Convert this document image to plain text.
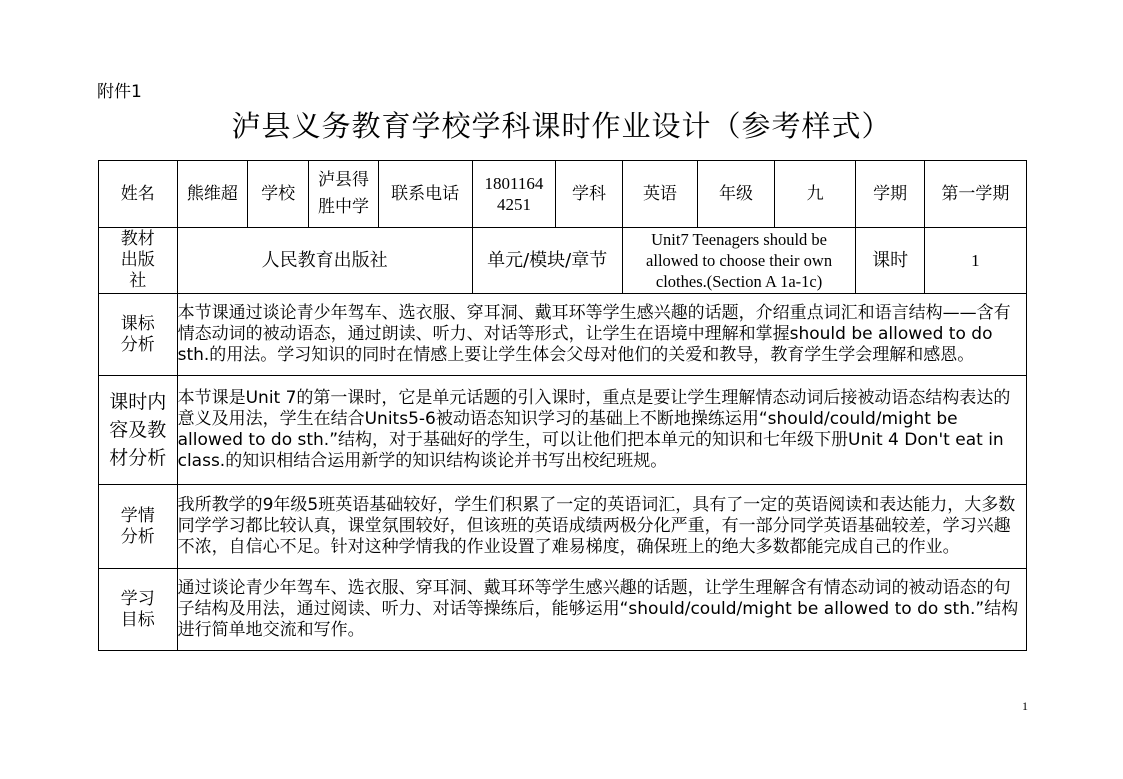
附件1
泸县义务教育学校学科课时作业设计（参考样式）
姓名	熊维超	学校	泸县得胜中学	联系电话	18011644251	学科	英语	年级	九	学期	第一学期
教材出版社	人民教育出版社				单元/模块/章节		Unit7 Teenagers should be allowed to choose their own clothes.(Section A 1a-1c)			课时	1
课标分析	本节课通过谈论青少年驾车、选衣服、穿耳洞、戴耳环等学生感兴趣的话题，介绍重点词汇和语言结构——含有情态动词的被动语态，通过朗读、听力、对话等形式，让学生在语境中理解和掌握should be allowed to do sth.的用法。学习知识的同时在情感上要让学生体会父母对他们的关爱和教导，教育学生学会理解和感恩。										
课时内容及教材分析	本节课是Unit 7的第一课时，它是单元话题的引入课时，重点是要让学生理解情态动词后接被动语态结构表达的意义及用法，学生在结合Units5-6被动语态知识学习的基础上不断地操练运用“should/could/might be allowed to do sth.”结构，对于基础好的学生，可以让他们把本单元的知识和七年级下册Unit 4 Don't eat in class.的知识相结合运用新学的知识结构谈论并书写出校纪班规。										
学情分析	我所教学的9年级5班英语基础较好，学生们积累了一定的英语词汇，具有了一定的英语阅读和表达能力，大多数同学学习都比较认真，课堂氛围较好，但该班的英语成绩两极分化严重，有一部分同学英语基础较差，学习兴趣不浓，自信心不足。针对这种学情我的作业设置了难易梯度，确保班上的绝大多数都能完成自己的作业。										
学习目标	通过谈论青少年驾车、选衣服、穿耳洞、戴耳环等学生感兴趣的话题，让学生理解含有情态动词的被动语态的句子结构及用法，通过阅读、听力、对话等操练后，能够运用“should/could/might be allowed to do sth.”结构进行简单地交流和写作。										
1
